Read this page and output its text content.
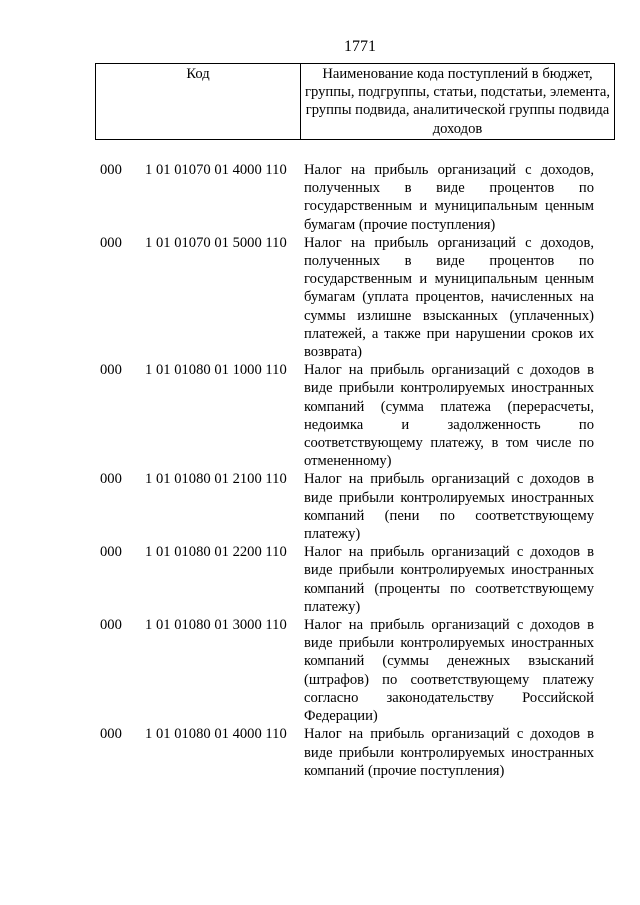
1771
Код	Наименование кода поступлений в бюджет, группы, подгруппы, статьи, подстатьи, элемента, группы подвида, аналитической группы подвида доходов
000	1 01 01070 01 4000 110	Налог на прибыль организаций с доходов, полученных в виде процентов по государственным и муниципальным ценным бумагам (прочие поступления)
000	1 01 01070 01 5000 110	Налог на прибыль организаций с доходов, полученных в виде процентов по государственным и муниципальным ценным бумагам (уплата процентов, начисленных на суммы излишне взысканных (уплаченных) платежей, а также при нарушении сроков их возврата)
000	1 01 01080 01 1000 110	Налог на прибыль организаций с доходов в виде прибыли контролируемых иностранных компаний (сумма платежа (перерасчеты, недоимка и задолженность по соответствующему платежу, в том числе по отмененному)
000	1 01 01080 01 2100 110	Налог на прибыль организаций с доходов в виде прибыли контролируемых иностранных компаний (пени по соответствующему платежу)
000	1 01 01080 01 2200 110	Налог на прибыль организаций с доходов в виде прибыли контролируемых иностранных компаний (проценты по соответствующему платежу)
000	1 01 01080 01 3000 110	Налог на прибыль организаций с доходов в виде прибыли контролируемых иностранных компаний (суммы денежных взысканий (штрафов) по соответствующему платежу согласно законодательству Российской Федерации)
000	1 01 01080 01 4000 110	Налог на прибыль организаций с доходов в виде прибыли контролируемых иностранных компаний (прочие поступления)
